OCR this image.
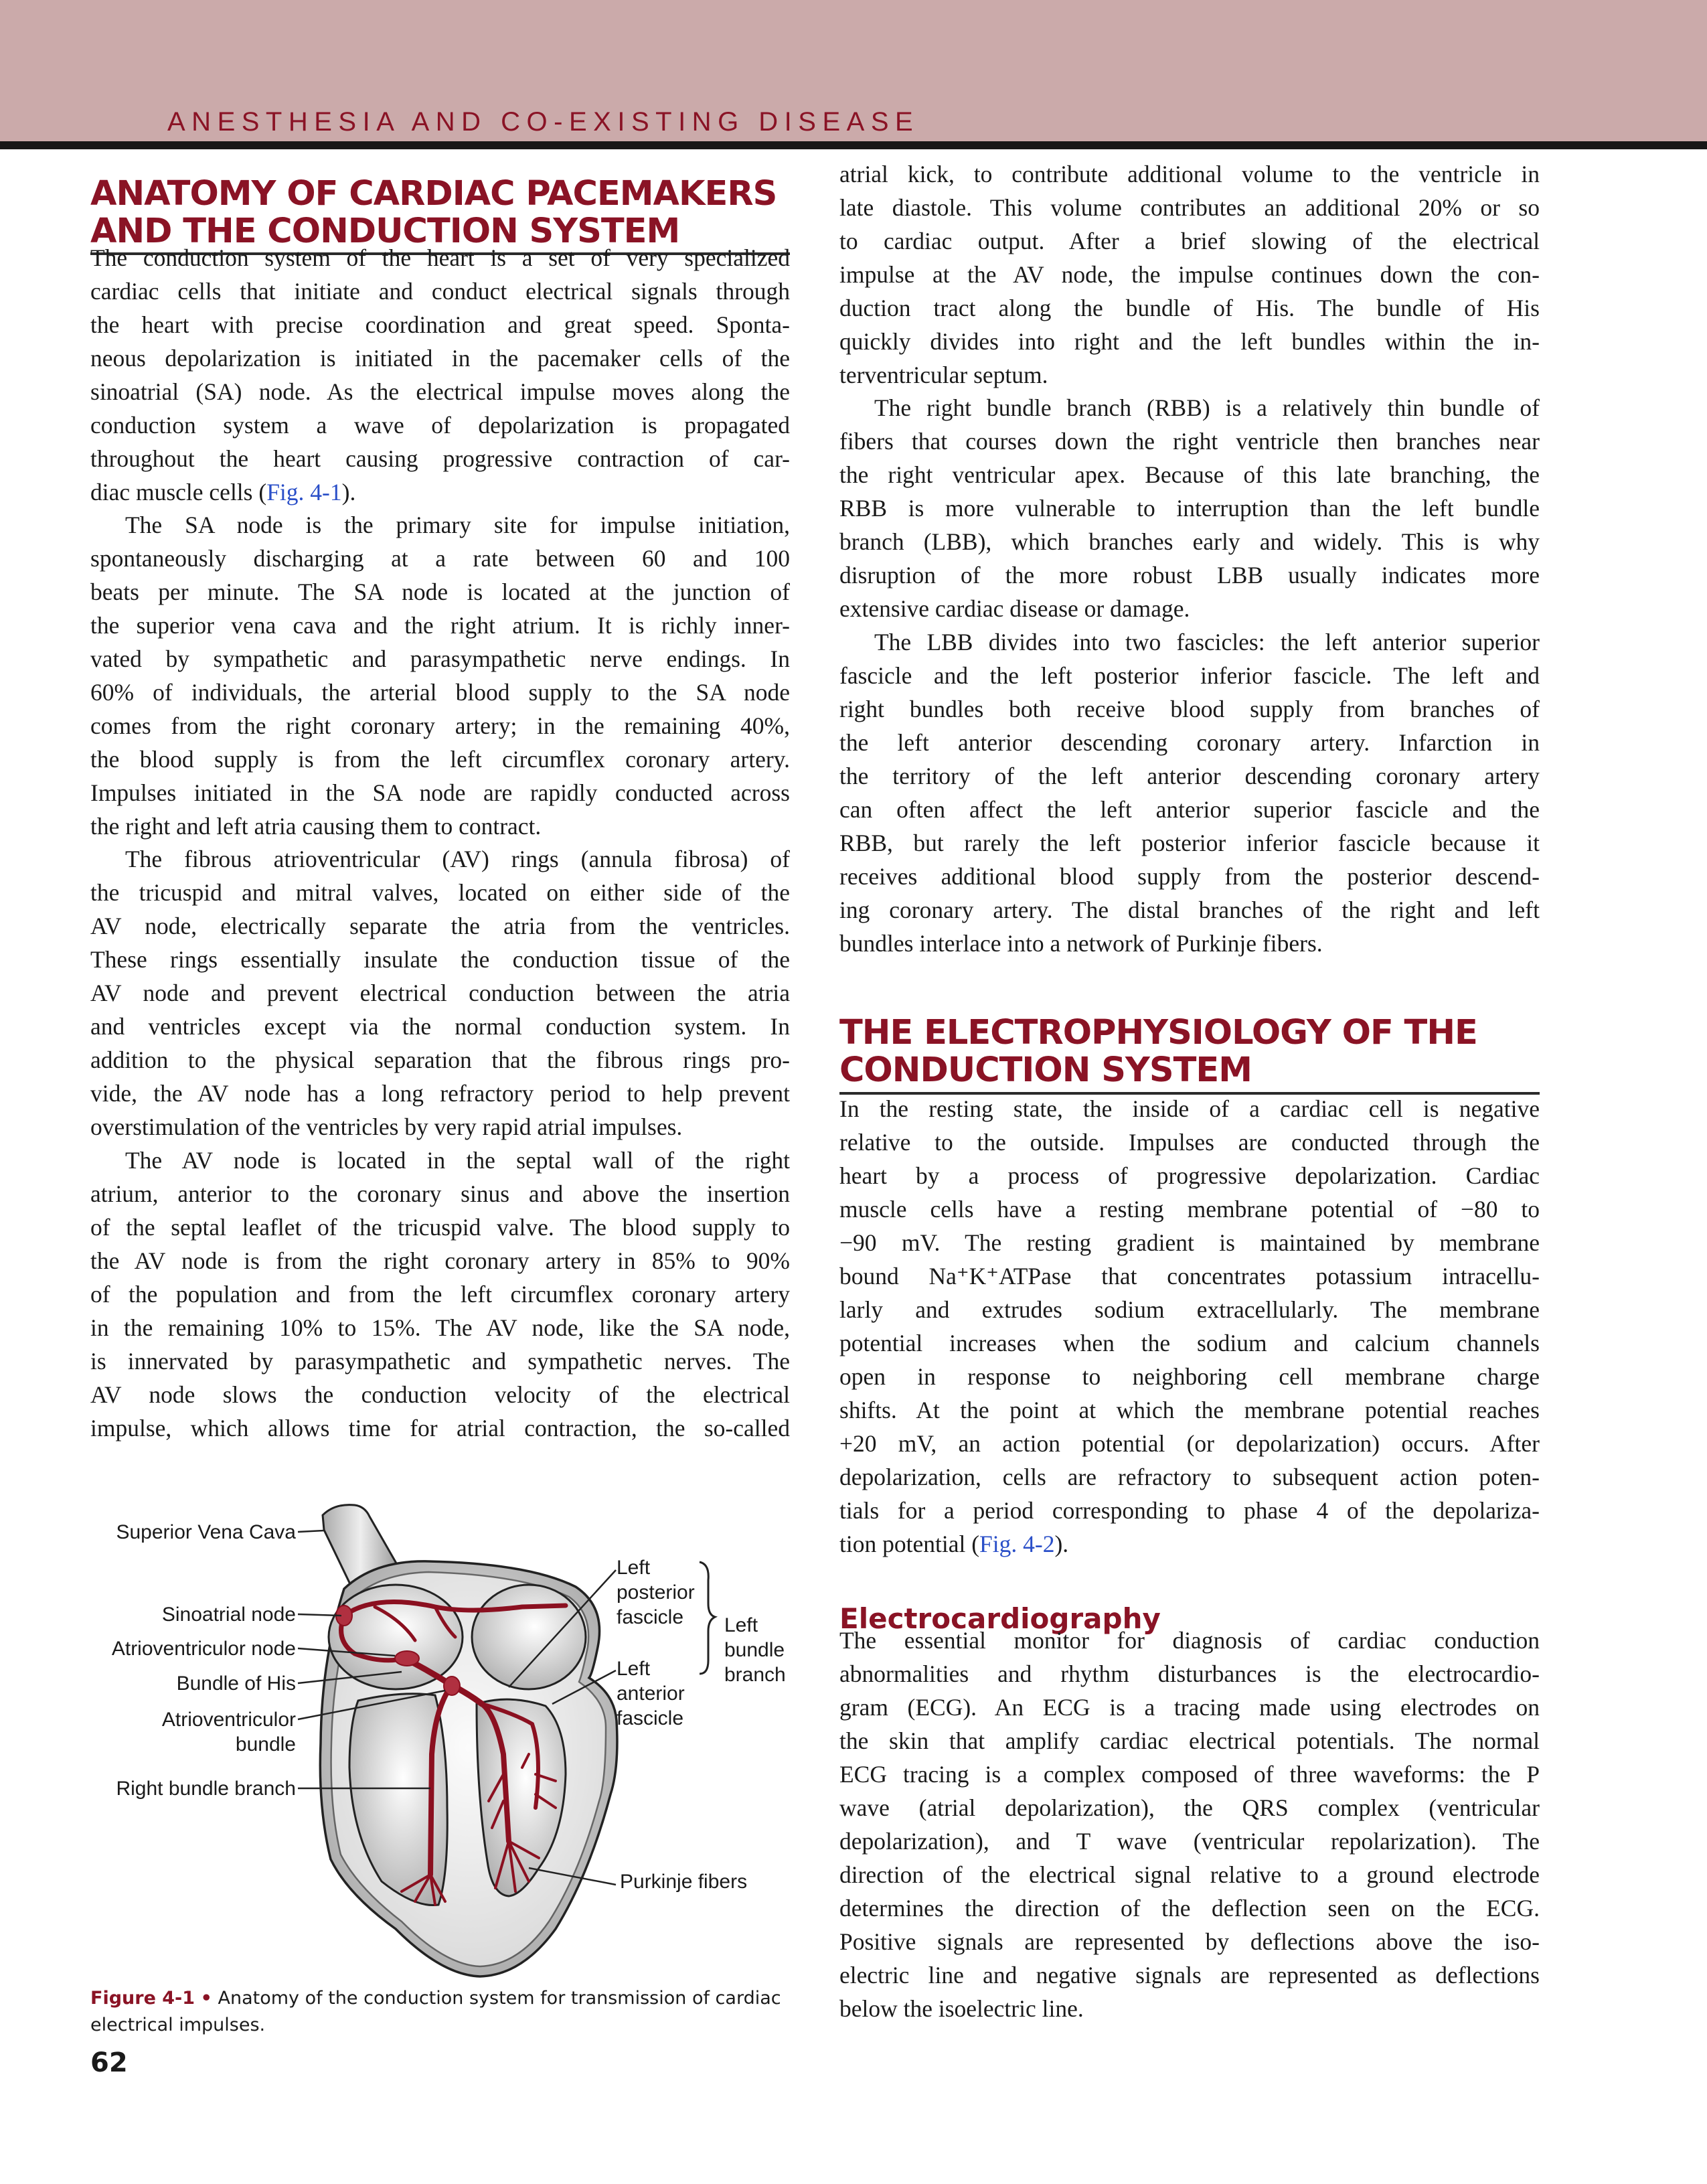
ANESTHESIA AND CO-EXISTING DISEASE
ANATOMY OF CARDIAC PACEMAKERS
AND THE CONDUCTION SYSTEM
THE ELECTROPHYSIOLOGY OF THE
CONDUCTION SYSTEM
Electrocardiography
The conduction system of the heart is a set of very specialized
cardiac cells that initiate and conduct electrical signals through
the heart with precise coordination and great speed. Sponta-
neous depolarization is initiated in the pacemaker cells of the
sinoatrial (SA) node. As the electrical impulse moves along the
conduction system a wave of depolarization is propagated
throughout the heart causing progressive contraction of car-
diac muscle cells (Fig. 4-1).
The SA node is the primary site for impulse initiation,
spontaneously discharging at a rate between 60 and 100
beats per minute. The SA node is located at the junction of
the superior vena cava and the right atrium. It is richly inner-
vated by sympathetic and parasympathetic nerve endings. In
60% of individuals, the arterial blood supply to the SA node
comes from the right coronary artery; in the remaining 40%,
the blood supply is from the left circumflex coronary artery.
Impulses initiated in the SA node are rapidly conducted across
the right and left atria causing them to contract.
The fibrous atrioventricular (AV) rings (annula fibrosa) of
the tricuspid and mitral valves, located on either side of the
AV node, electrically separate the atria from the ventricles.
These rings essentially insulate the conduction tissue of the
AV node and prevent electrical conduction between the atria
and ventricles except via the normal conduction system. In
addition to the physical separation that the fibrous rings pro-
vide, the AV node has a long refractory period to help prevent
overstimulation of the ventricles by very rapid atrial impulses.
The AV node is located in the septal wall of the right
atrium, anterior to the coronary sinus and above the insertion
of the septal leaflet of the tricuspid valve. The blood supply to
the AV node is from the right coronary artery in 85% to 90%
of the population and from the left circumflex coronary artery
in the remaining 10% to 15%. The AV node, like the SA node,
is innervated by parasympathetic and sympathetic nerves. The
AV node slows the conduction velocity of the electrical
impulse, which allows time for atrial contraction, the so-called
atrial kick, to contribute additional volume to the ventricle in
late diastole. This volume contributes an additional 20% or so
to cardiac output. After a brief slowing of the electrical
impulse at the AV node, the impulse continues down the con-
duction tract along the bundle of His. The bundle of His
quickly divides into right and the left bundles within the in-
terventricular septum.
The right bundle branch (RBB) is a relatively thin bundle of
fibers that courses down the right ventricle then branches near
the right ventricular apex. Because of this late branching, the
RBB is more vulnerable to interruption than the left bundle
branch (LBB), which branches early and widely. This is why
disruption of the more robust LBB usually indicates more
extensive cardiac disease or damage.
The LBB divides into two fascicles: the left anterior superior
fascicle and the left posterior inferior fascicle. The left and
right bundles both receive blood supply from branches of
the left anterior descending coronary artery. Infarction in
the territory of the left anterior descending coronary artery
can often affect the left anterior superior fascicle and the
RBB, but rarely the left posterior inferior fascicle because it
receives additional blood supply from the posterior descend-
ing coronary artery. The distal branches of the right and left
bundles interlace into a network of Purkinje fibers.
In the resting state, the inside of a cardiac cell is negative
relative to the outside. Impulses are conducted through the
heart by a process of progressive depolarization. Cardiac
muscle cells have a resting membrane potential of −80 to
−90 mV. The resting gradient is maintained by membrane
bound Na⁺K⁺ATPase that concentrates potassium intracellu-
larly and extrudes sodium extracellularly. The membrane
potential increases when the sodium and calcium channels
open in response to neighboring cell membrane charge
shifts. At the point at which the membrane potential reaches
+20 mV, an action potential (or depolarization) occurs. After
depolarization, cells are refractory to subsequent action poten-
tials for a period corresponding to phase 4 of the depolariza-
tion potential (Fig. 4-2).
The essential monitor for diagnosis of cardiac conduction
abnormalities and rhythm disturbances is the electrocardio-
gram (ECG). An ECG is a tracing made using electrodes on
the skin that amplify cardiac electrical potentials. The normal
ECG tracing is a complex composed of three waveforms: the P
wave (atrial depolarization), the QRS complex (ventricular
depolarization), and T wave (ventricular repolarization). The
direction of the electrical signal relative to a ground electrode
determines the direction of the deflection seen on the ECG.
Positive signals are represented by deflections above the iso-
electric line and negative signals are represented as deflections
below the isoelectric line.
Superior Vena Cava
Sinoatrial node
Atrioventriculor node
Bundle of His
Atrioventriculor
bundle
Right bundle branch
Left
posterior
fascicle
Left
anterior
fascicle
Left
bundle
branch
Purkinje fibers
Figure 4-1 • Anatomy of the conduction system for transmission of cardiac electrical impulses.
62
